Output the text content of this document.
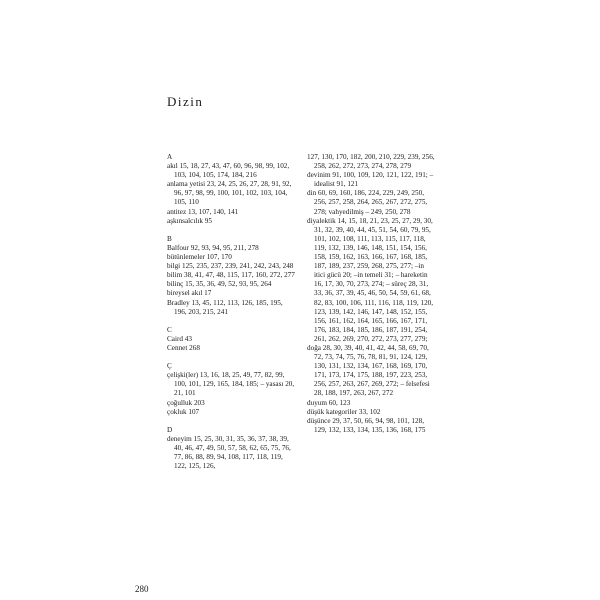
Dizin
A
akıl 15, 18, 27, 43, 47, 60, 96, 98, 99, 102, 103, 104, 105, 174, 184, 216
anlama yetisi 23, 24, 25, 26, 27, 28, 91, 92, 96, 97, 98, 99, 100, 101, 102, 103, 104, 105, 110
antitez 13, 107, 140, 141
aşkınsalcılık 95
B
Balfour 92, 93, 94, 95, 211, 278
bütünlemeler 107, 170
bilgi 125, 235, 237, 239, 241, 242, 243, 248
bilim 38, 41, 47, 48, 115, 117, 160, 272, 277
bilinç 15, 35, 36, 49, 52, 93, 95, 264
bireysel akıl 17
Bradley 13, 45, 112, 113, 126, 185, 195, 196, 203, 215, 241
C
Caird 43
Cennet 268
Ç
çelişki(ler) 13, 16, 18, 25, 49, 77, 82, 99, 100, 101, 129, 165, 184, 185; – yasası 20, 21, 101
çoğulluk 203
çokluk 107
D
deneyim 15, 25, 30, 31, 35, 36, 37, 38, 39, 40, 46, 47, 49, 50, 57, 58, 62, 65, 75, 76, 77, 86, 88, 89, 94, 108, 117, 118, 119, 122, 125, 126,
127, 130, 170, 182, 200, 210, 229, 239, 256, 258, 262, 272, 273, 274, 278, 279
devinim 91, 100, 109, 120, 121, 122, 191; – idealist 91, 121
din 60, 69, 160, 186, 224, 229, 249, 250, 256, 257, 258, 264, 265, 267, 272, 275, 278; vahyedilmiş – 249, 250, 278
diyalektik 14, 15, 18, 21, 23, 25, 27, 29, 30, 31, 32, 39, 40, 44, 45, 51, 54, 60, 79, 95, 101, 102, 108, 111, 113, 115, 117, 118, 119, 132, 139, 146, 148, 151, 154, 156, 158, 159, 162, 163, 166, 167, 168, 185, 187, 189, 237, 259, 268, 275, 277; –in itici gücü 20; –in temeli 31; – hareketin 16, 17, 30, 70, 273, 274; – süreç 28, 31, 33, 36, 37, 39, 45, 46, 50, 54, 59, 61, 68, 82, 83, 100, 106, 111, 116, 118, 119, 120, 123, 139, 142, 146, 147, 148, 152, 155, 156, 161, 162, 164, 165, 166, 167, 171, 176, 183, 184, 185, 186, 187, 191, 254, 261, 262, 269, 270, 272, 273, 277, 279;
doğa 28, 30, 39, 40, 41, 42, 44, 58, 69, 70, 72, 73, 74, 75, 76, 78, 81, 91, 124, 129, 130, 131, 132, 134, 167, 168, 169, 170, 171, 173, 174, 175, 188, 197, 223, 253, 256, 257, 263, 267, 269, 272; – felsefesi 28, 188, 197, 263, 267, 272
duyum 60, 123
düşük kategoriler 33, 102
düşünce 29, 37, 50, 66, 94, 98, 101, 128, 129, 132, 133, 134, 135, 136, 168, 175
280
